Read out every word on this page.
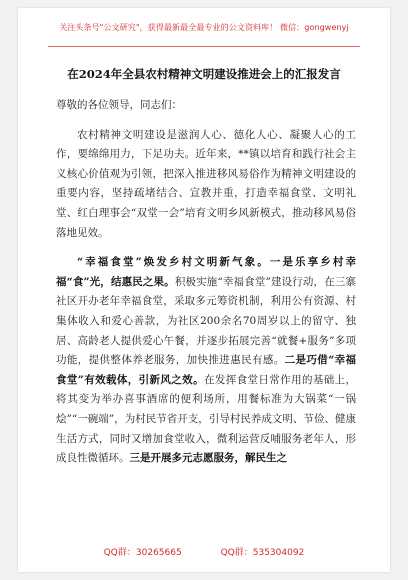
关注头条号"公文研究"，获得最新最全最专业的公文资料库！ 微信：gongwenyj
在2024年全县农村精神文明建设推进会上的汇报发言

尊敬的各位领导，同志们：

农村精神文明建设是滋润人心、德化人心、凝聚人心的工作，要绵绵用力，下足功夫。近年来，**镇以培育和践行社会主义核心价值观为引领，把深入推进移风易俗作为精神文明建设的重要内容，坚持疏堵结合、宣教并重，打造幸福食堂、文明礼堂、红白理事会“双堂一会”培育文明乡风新模式，推动移风易俗落地见效。

“幸福食堂”焕发乡村文明新气象。一是乐享乡村幸福“食”光，结惠民之果。积极实施“幸福食堂”建设行动，在三寨社区开办老年幸福食堂，采取多元筹资机制，利用公有资源、村集体收入和爱心善款，为社区200余名70周岁以上的留守、独居、高龄老人提供爱心午餐，并逐步拓展完善“就餐+服务”多项功能，提供整体养老服务，加快推进惠民有感。二是巧借“幸福食堂”有效载体，引新风之效。在发挥食堂日常作用的基础上，将其变为举办喜事酒席的便利场所，用餐标准为大锅菜“一锅烩”“一碗端”，为村民节省开支，引导村民养成文明、节俭、健康生活方式，同时又增加食堂收入，微利运营反哺服务老年人，形成良性微循环。三是开展多元志愿服务，解民生之

QQ群：30265665	QQ群：535304092
